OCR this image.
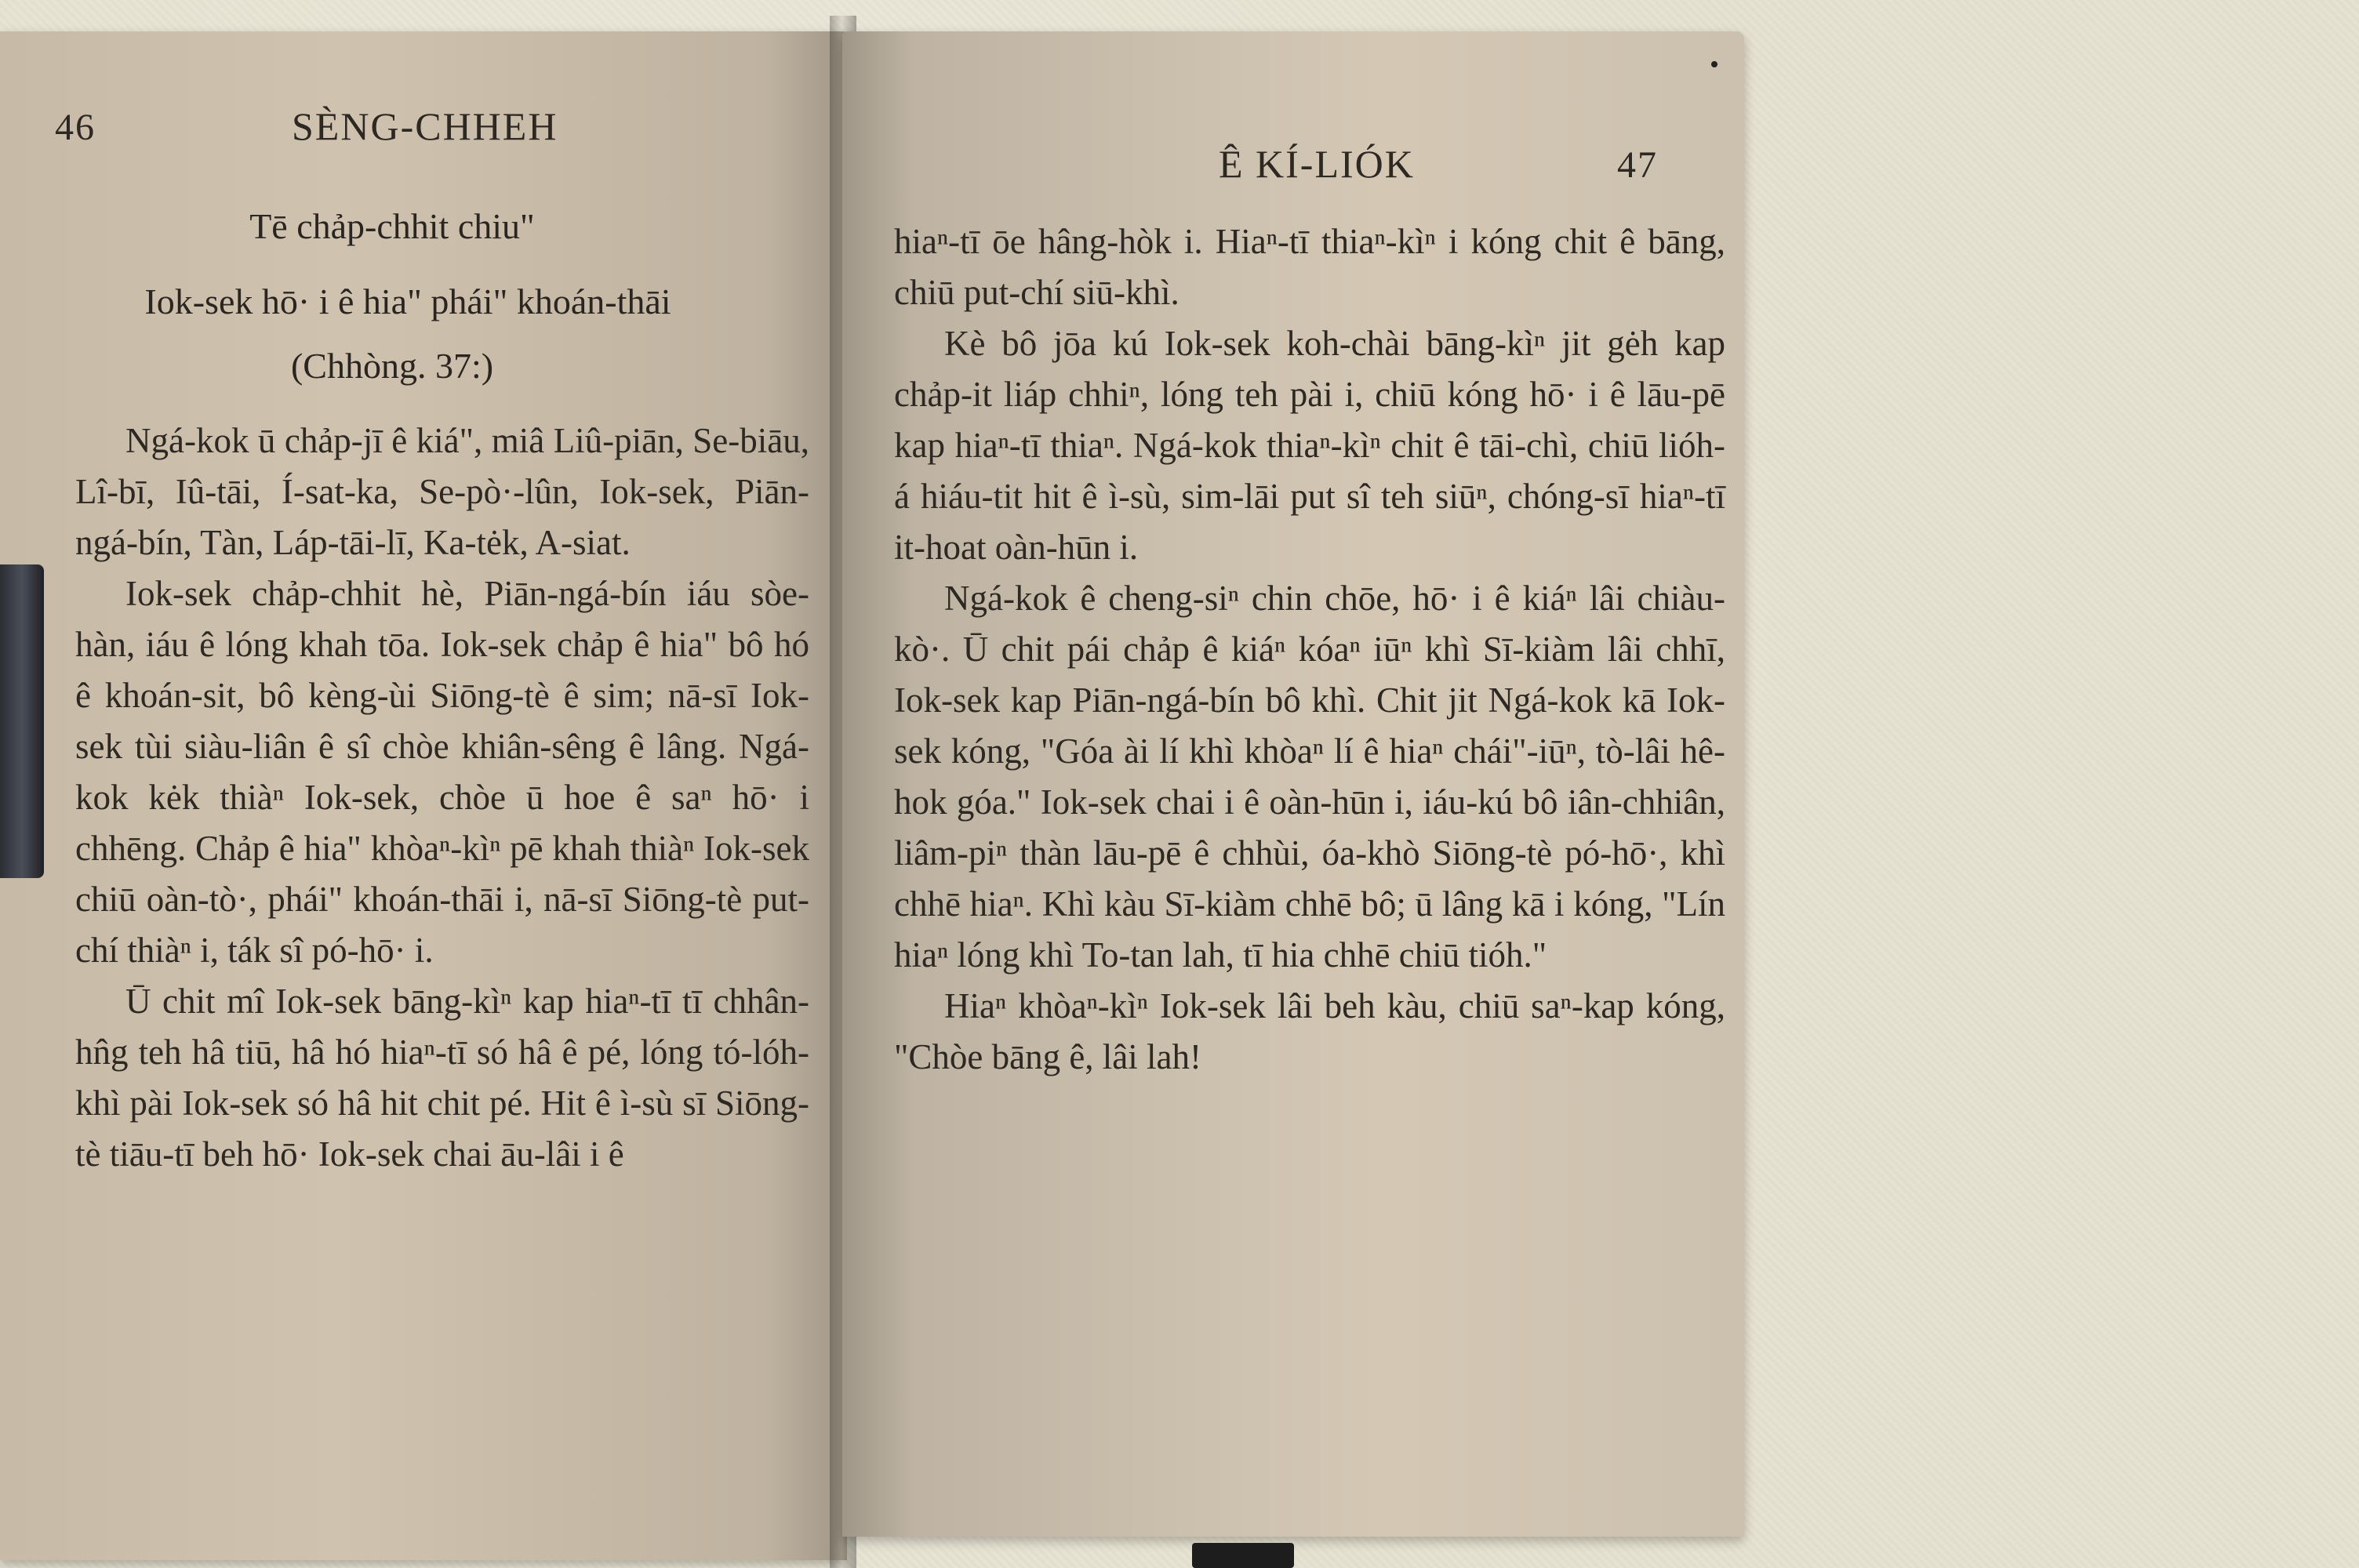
46	SÈNG-CHHEH
Tē chảp-chhit chiu"
Iok-sek hō· i ê hia" phái" khoán-thāi
(Chhòng. 37:)

Ngá-kok ū chảp-jī ê kiá", miâ Liû-piān, Se-biāu, Lî-bī, Iû-tāi, Í-sat-ka, Se-pò·-lûn, Iok-sek, Piān-ngá-bín, Tàn, Láp-tāi-lī, Ka-tėk, A-siat.

Iok-sek chảp-chhit hè, Piān-ngá-bín iáu sòe-hàn, iáu ê lóng khah tōa. Iok-sek chảp ê hia" bô hó ê khoán-sit, bô kèng-ùi Siōng-tè ê sim; nā-sī Iok-sek tùi siàu-liân ê sî chòe khiân-sêng ê lâng. Ngá-kok kėk thiàⁿ Iok-sek, chòe ū hoe ê saⁿ hō· i chhēng. Chảp ê hia" khòaⁿ-kìⁿ pē khah thiàⁿ Iok-sek chiū oàn-tò·, phái" khoán-thāi i, nā-sī Siōng-tè put-chí thiàⁿ i, ták sî pó-hō· i.

Ū chit mî Iok-sek bāng-kìⁿ kap hiaⁿ-tī tī chhân-hn̂g teh hâ tiū, hâ hó hiaⁿ-tī só hâ ê pé, lóng tó-lóh-khì pài Iok-sek só hâ hit chit pé. Hit ê ì-sù sī Siōng-tè tiāu-tī beh hō· Iok-sek chai āu-lâi i ê

Ê KÍ-LIÓK	47

hiaⁿ-tī ōe hâng-hòk i. Hiaⁿ-tī thiaⁿ-kìⁿ i kóng chit ê bāng, chiū put-chí siū-khì.

Kè bô jōa kú Iok-sek koh-chài bāng-kìⁿ jit gėh kap chảp-it liáp chhiⁿ, lóng teh pài i, chiū kóng hō· i ê lāu-pē kap hiaⁿ-tī thiaⁿ. Ngá-kok thiaⁿ-kìⁿ chit ê tāi-chì, chiū lióh-á hiáu-tit hit ê ì-sù, sim-lāi put sî teh siūⁿ, chóng-sī hiaⁿ-tī it-hoat oàn-hūn i.

Ngá-kok ê cheng-siⁿ chin chōe, hō· i ê kiáⁿ lâi chiàu-kò·. Ū chit pái chảp ê kiáⁿ kóaⁿ iūⁿ khì Sī-kiàm lâi chhī, Iok-sek kap Piān-ngá-bín bô khì. Chit jit Ngá-kok kā Iok-sek kóng, "Góa ài lí khì khòaⁿ lí ê hiaⁿ chái"-iūⁿ, tò-lâi hê-hok góa." Iok-sek chai i ê oàn-hūn i, iáu-kú bô iân-chhiân, liâm-piⁿ thàn lāu-pē ê chhùi, óa-khò Siōng-tè pó-hō·, khì chhē hiaⁿ. Khì kàu Sī-kiàm chhē bô; ū lâng kā i kóng, "Lín hiaⁿ lóng khì To-tan lah, tī hia chhē chiū tióh."

Hiaⁿ khòaⁿ-kìⁿ Iok-sek lâi beh kàu, chiū saⁿ-kap kóng, "Chòe bāng ê, lâi lah!
